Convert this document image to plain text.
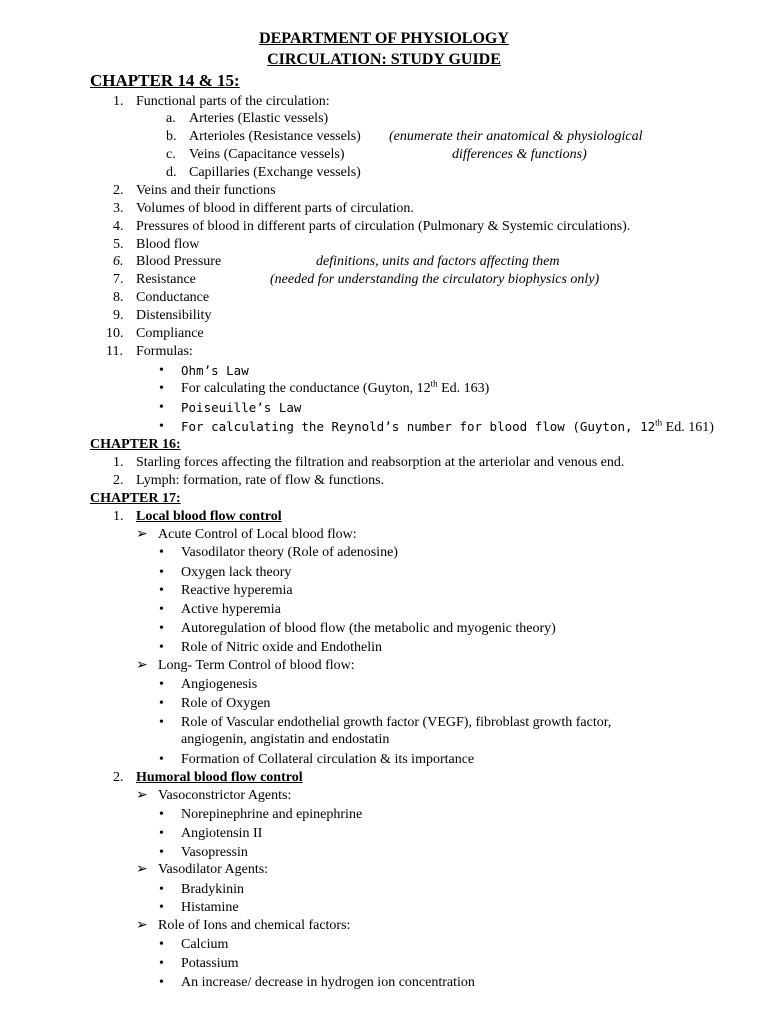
DEPARTMENT OF PHYSIOLOGY
CIRCULATION: STUDY GUIDE
CHAPTER 14 & 15:
1. Functional parts of the circulation:
a. Arteries (Elastic vessels)
b. Arterioles (Resistance vessels) (enumerate their anatomical & physiological
c. Veins (Capacitance vessels)	differences & functions)
d. Capillaries (Exchange vessels)
2. Veins and their functions
3. Volumes of blood in different parts of circulation.
4. Pressures of blood in different parts of circulation (Pulmonary & Systemic circulations).
5. Blood flow
6. Blood Pressure	definitions, units and factors affecting them
7. Resistance	(needed for understanding the circulatory biophysics only)
8. Conductance
9. Distensibility
10. Compliance
11. Formulas:
• Ohm’s Law
• For calculating the conductance (Guyton, 12th Ed. 163)
• Poiseuille’s Law
• For calculating the Reynold’s number for blood flow (Guyton, 12th Ed. 161)
CHAPTER 16:
1. Starling forces affecting the filtration and reabsorption at the arteriolar and venous end.
2. Lymph: formation, rate of flow & functions.
CHAPTER 17:
1. Local blood flow control
➢ Acute Control of Local blood flow:
• Vasodilator theory (Role of adenosine)
• Oxygen lack theory
• Reactive hyperemia
• Active hyperemia
• Autoregulation of blood flow (the metabolic and myogenic theory)
• Role of Nitric oxide and Endothelin
➢ Long- Term Control of blood flow:
• Angiogenesis
• Role of Oxygen
• Role of Vascular endothelial growth factor (VEGF), fibroblast growth factor,
angiogenin, angistatin and endostatin
• Formation of Collateral circulation & its importance
2. Humoral blood flow control
➢ Vasoconstrictor Agents:
• Norepinephrine and epinephrine
• Angiotensin II
• Vasopressin
➢ Vasodilator Agents:
• Bradykinin
• Histamine
➢ Role of Ions and chemical factors:
• Calcium
• Potassium
• An increase/ decrease in hydrogen ion concentration
